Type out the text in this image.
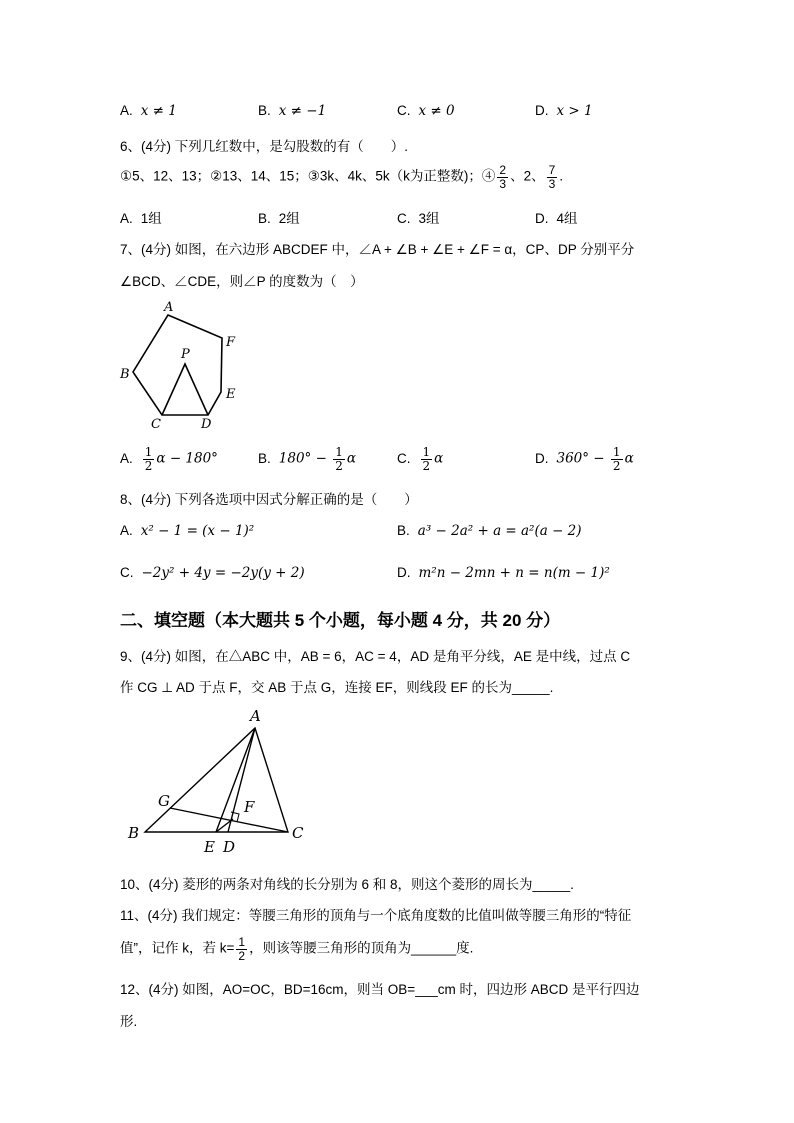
A. x ≠ 1	B. x ≠ −1	C. x ≠ 0	D. x > 1
6、(4分) 下列几红数中，是勾股数的有（　　）.
①5、12、13；②13、14、15；③3k、4k、5k（k为正整数)；④ $\frac{2}{3}$ 、2、 $\frac{7}{3}$ .
A. 1组	B. 2组	C. 3组	D. 4组
7、(4分) 如图，在六边形 ABCDEF 中，∠A + ∠B + ∠E + ∠F = α，CP、DP 分别平分
∠BCD、∠CDE，则∠P 的度数为（　）
A
F
B
P
E
C	D
A. $\frac{1}{2}$ α − 180°	B. $180^\circ - \frac{1}{2}$ α	C. $\frac{1}{2}$ α	D. $360^\circ - \frac{1}{2}$ α
8、(4分) 下列各选项中因式分解正确的是（　　）
A. x² − 1 = (x − 1)²	B. a³ − 2a² + a = a²(a − 2)
C. −2y² + 4y = −2y(y + 2)	D. m²n − 2mn + n = n(m − 1)²
二、填空题（本大题共 5 个小题，每小题 4 分，共 20 分）
9、(4分) 如图，在△ABC 中，AB = 6，AC = 4，AD 是角平分线，AE 是中线，过点 C
作 CG ⊥ AD 于点 F，交 AB 于点 G，连接 EF，则线段 EF 的长为_____.
A
G	F
B	C
E D
10、(4分) 菱形的两条对角线的长分别为 6 和 8，则这个菱形的周长为_____.
11、(4分) 我们规定：等腰三角形的顶角与一个底角度数的比值叫做等腰三角形的“特征
值”，记作 k，若 $k= \frac{1}{2}$ ，则该等腰三角形的顶角为______度.
12、(4分) 如图，AO=OC，BD=16cm，则当 OB=___cm 时，四边形 ABCD 是平行四边
形.
